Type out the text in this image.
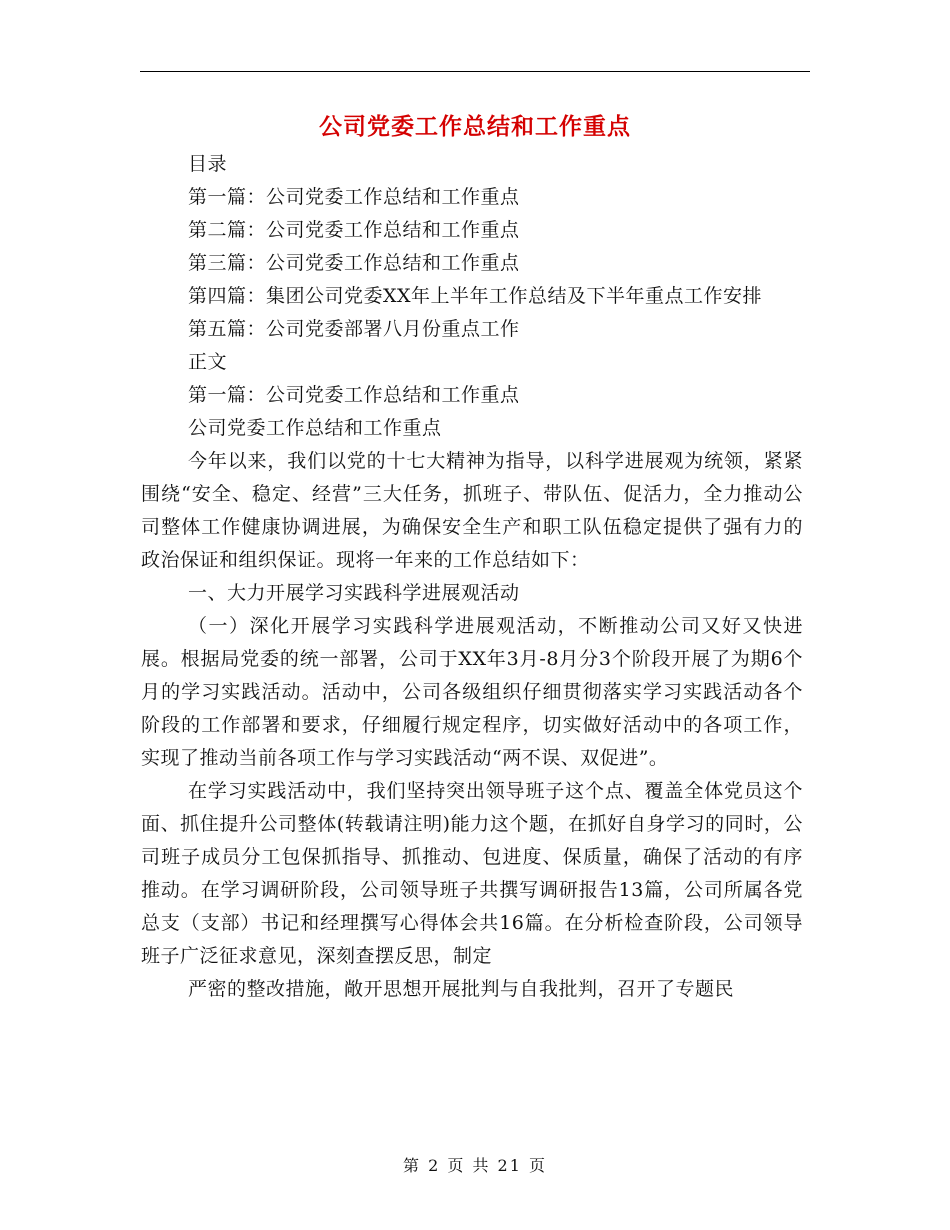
公司党委工作总结和工作重点

目录

第一篇：公司党委工作总结和工作重点

第二篇：公司党委工作总结和工作重点

第三篇：公司党委工作总结和工作重点

第四篇：集团公司党委XX年上半年工作总结及下半年重点工作安排

第五篇：公司党委部署八月份重点工作

正文

第一篇：公司党委工作总结和工作重点

公司党委工作总结和工作重点

今年以来，我们以党的十七大精神为指导，以科学进展观为统领，紧紧围绕“安全、稳定、经营”三大任务，抓班子、带队伍、促活力，全力推动公司整体工作健康协调进展，为确保安全生产和职工队伍稳定提供了强有力的政治保证和组织保证。现将一年来的工作总结如下：

一、大力开展学习实践科学进展观活动

（一）深化开展学习实践科学进展观活动，不断推动公司又好又快进展。根据局党委的统一部署，公司于XX年3月-8月分3个阶段开展了为期6个月的学习实践活动。活动中，公司各级组织仔细贯彻落实学习实践活动各个阶段的工作部署和要求，仔细履行规定程序，切实做好活动中的各项工作，实现了推动当前各项工作与学习实践活动“两不误、双促进”。

在学习实践活动中，我们坚持突出领导班子这个点、覆盖全体党员这个面、抓住提升公司整体(转载请注明)能力这个题，在抓好自身学习的同时，公司班子成员分工包保抓指导、抓推动、包进度、保质量，确保了活动的有序推动。在学习调研阶段，公司领导班子共撰写调研报告13篇，公司所属各党总支（支部）书记和经理撰写心得体会共16篇。在分析检查阶段，公司领导班子广泛征求意见，深刻查摆反思，制定

严密的整改措施，敞开思想开展批判与自我批判，召开了专题民

第 2 页 共 21 页
